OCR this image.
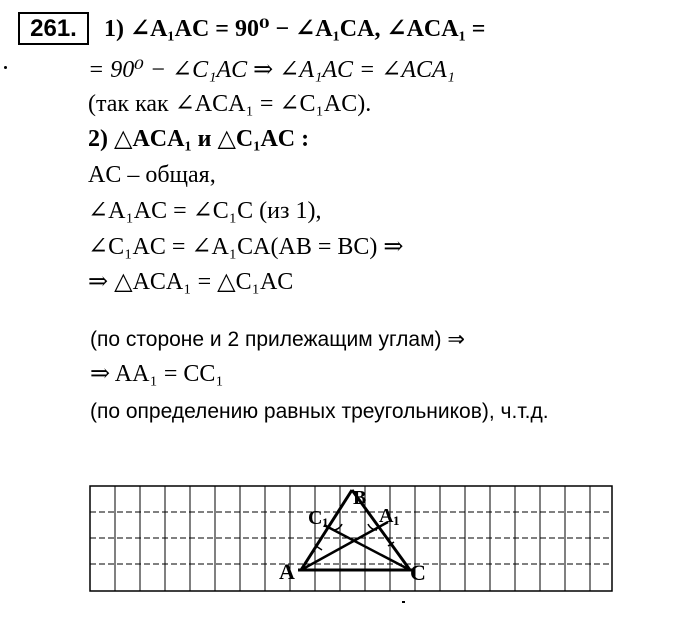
261.	1) ∠A₁AC = 90⁰ − ∠A₁CA, ∠ACA₁ =
= 90⁰ − ∠C₁AC ⇒ ∠A₁AC = ∠ACA₁
(так как ∠ACA₁ = ∠C₁AC).
2) △ACA₁ и △C₁AC :
AC – общая,
∠A₁AC = ∠C₁C (из 1),
∠C₁AC = ∠A₁CA(AB = BC) ⇒
⇒ △ACA₁ = △C₁AC
(по стороне и 2 прилежащим углам) ⇒
⇒ AA₁ = CC₁
(по определению равных треугольников), ч.т.д.
A	C
B
C 1	A 1
